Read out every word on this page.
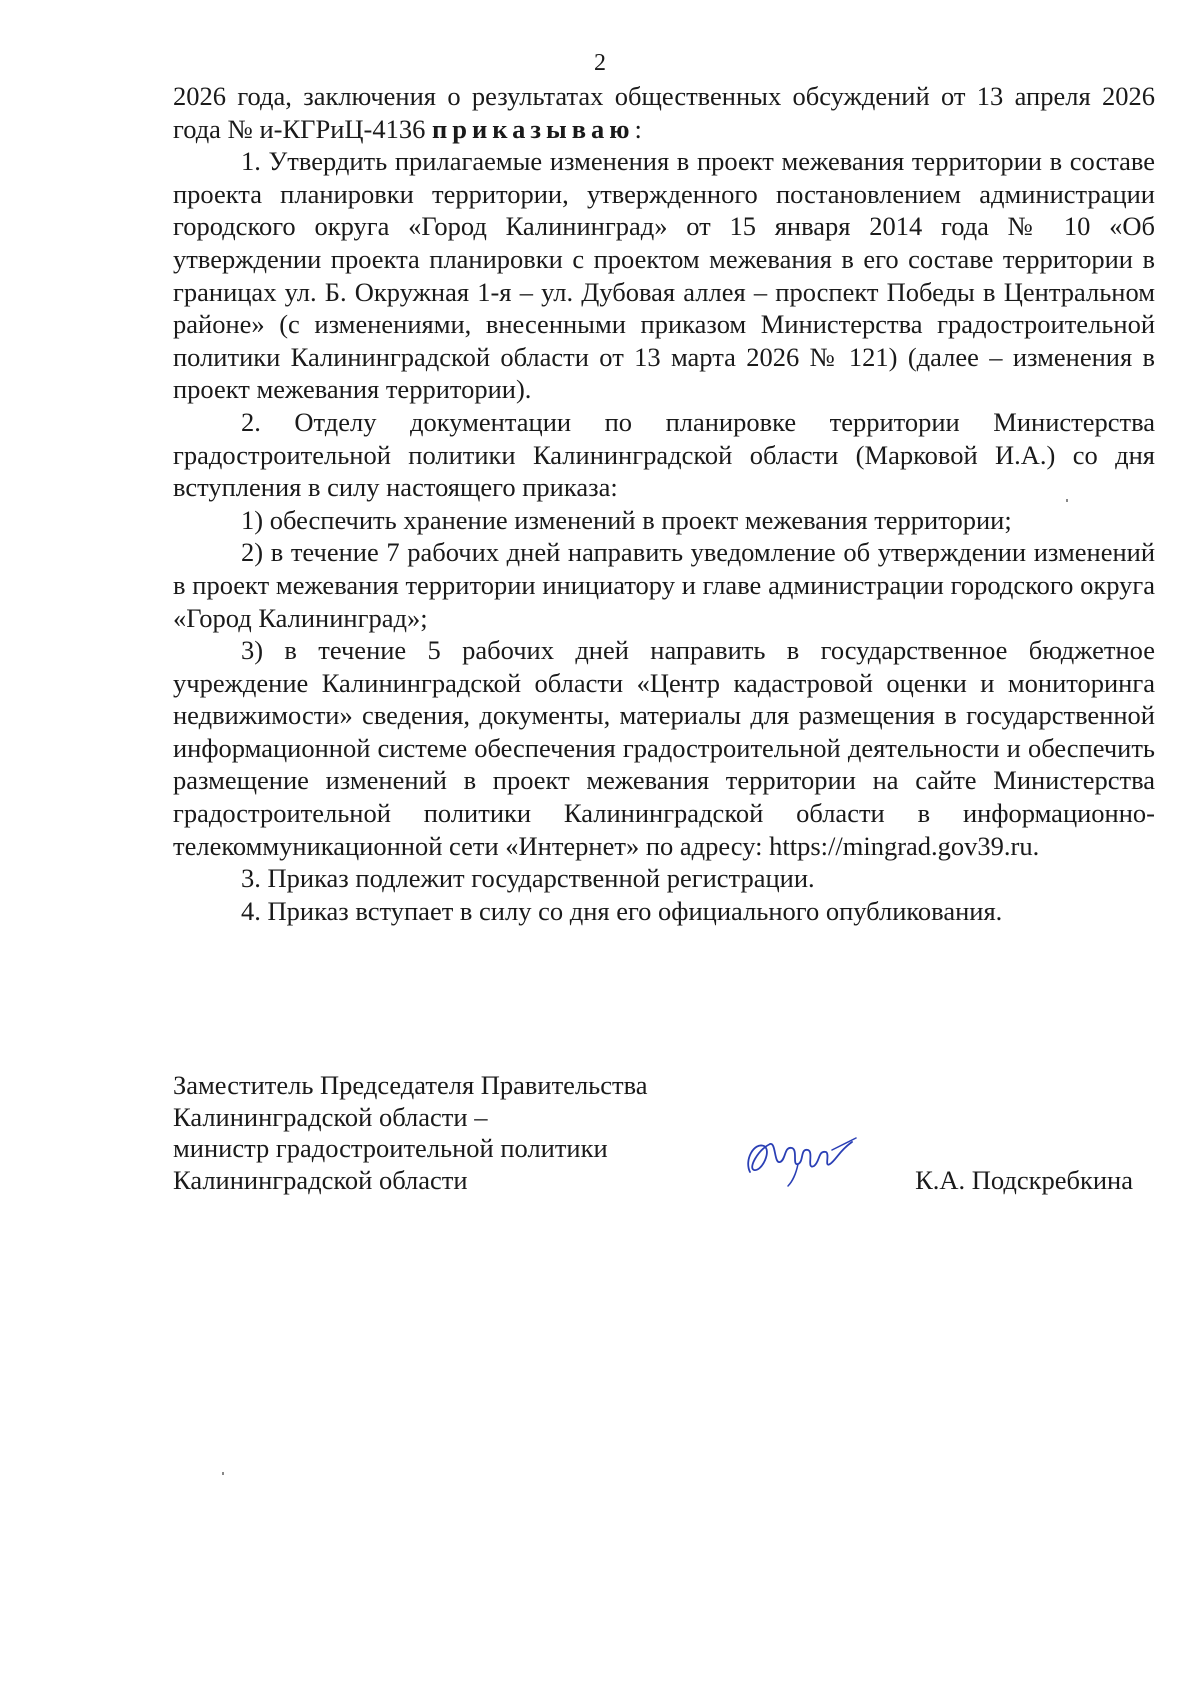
2

2026 года, заключения о результатах общественных обсуждений от 13 апреля 2026 года № и-КГРиЦ-4136 приказываю:

1. Утвердить прилагаемые изменения в проект межевания территории в составе проекта планировки территории, утвержденного постановлением администрации городского округа «Город Калининград» от 15 января 2014 года № 10 «Об утверждении проекта планировки с проектом межевания в его составе территории в границах ул. Б. Окружная 1-я – ул. Дубовая аллея – проспект Победы в Центральном районе» (с изменениями, внесенными приказом Министерства градостроительной политики Калининградской области от 13 марта 2026 № 121) (далее – изменения в проект межевания территории).

2. Отделу документации по планировке территории Министерства градостроительной политики Калининградской области (Марковой И.А.) со дня вступления в силу настоящего приказа:

1) обеспечить хранение изменений в проект межевания территории;

2) в течение 7 рабочих дней направить уведомление об утверждении изменений в проект межевания территории инициатору и главе администрации городского округа «Город Калининград»;

3) в течение 5 рабочих дней направить в государственное бюджетное учреждение Калининградской области «Центр кадастровой оценки и мониторинга недвижимости» сведения, документы, материалы для размещения в государственной информационной системе обеспечения градостроительной деятельности и обеспечить размещение изменений в проект межевания территории на сайте Министерства градостроительной политики Калининградской области в информационно-телекоммуникационной сети «Интернет» по адресу: https://mingrad.gov39.ru.

3. Приказ подлежит государственной регистрации.

4. Приказ вступает в силу со дня его официального опубликования.

Заместитель Председателя Правительства
Калининградской области –
министр градостроительной политики
Калининградской области	К.А. Подскребкина
